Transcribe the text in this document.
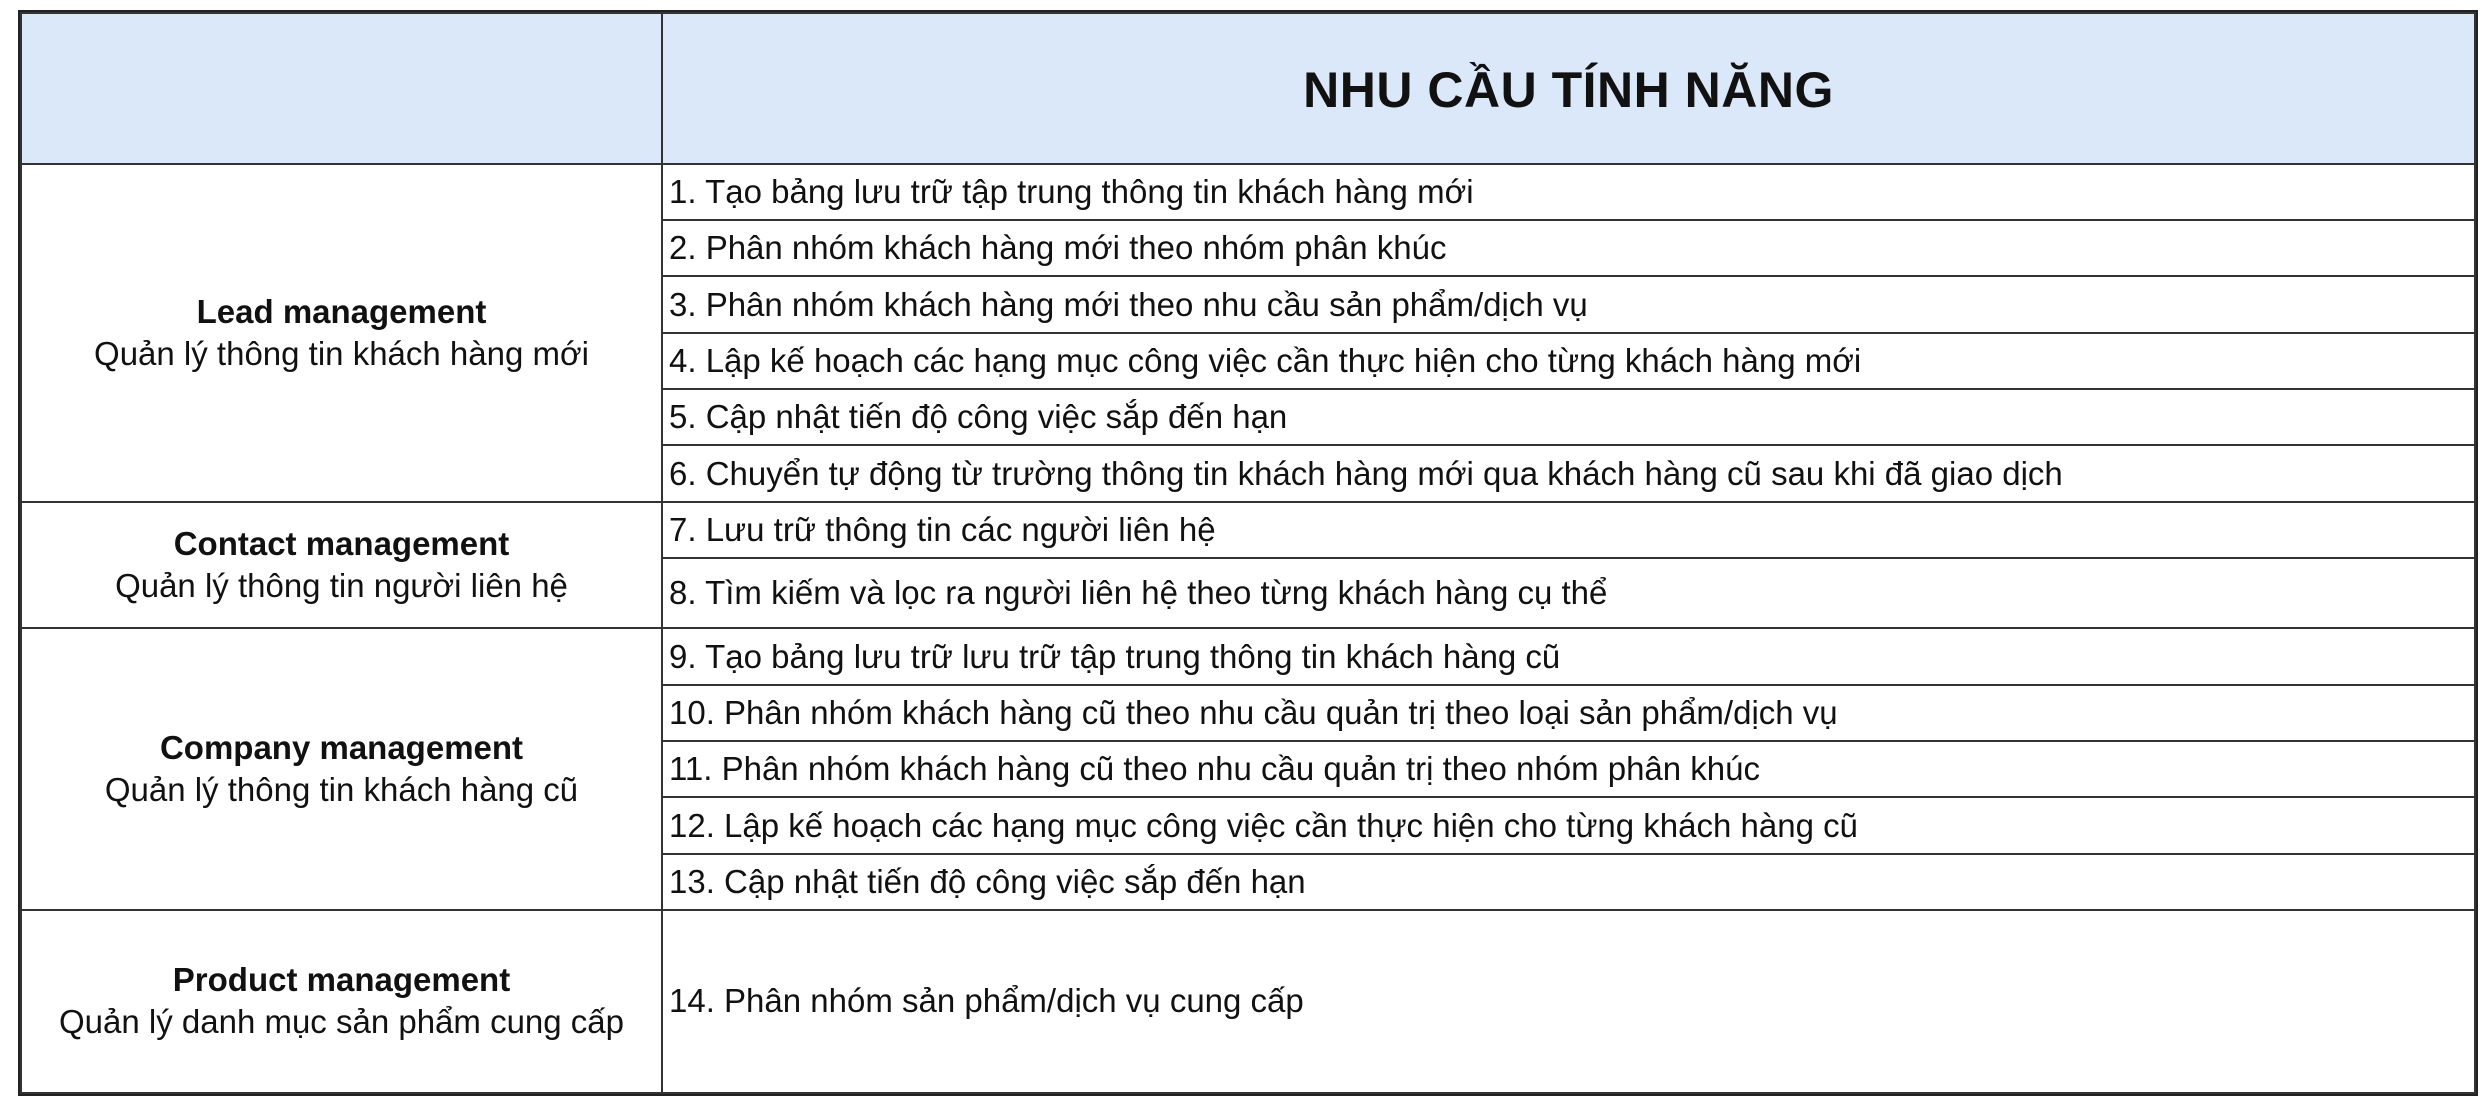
	NHU CẦU TÍNH NĂNG

Lead management
Quản lý thông tin khách hàng mới	1. Tạo bảng lưu trữ tập trung thông tin khách hàng mới
	2. Phân nhóm khách hàng mới theo nhóm phân khúc
	3. Phân nhóm khách hàng mới theo nhu cầu sản phẩm/dịch vụ
	4. Lập kế hoạch các hạng mục công việc cần thực hiện cho từng khách hàng mới
	5. Cập nhật tiến độ công việc sắp đến hạn
	6. Chuyển tự động từ trường thông tin khách hàng mới qua khách hàng cũ sau khi đã giao dịch

Contact management
Quản lý thông tin người liên hệ	7. Lưu trữ thông tin các người liên hệ
	8. Tìm kiếm và lọc ra người liên hệ theo từng khách hàng cụ thể

Company management
Quản lý thông tin khách hàng cũ	9. Tạo bảng lưu trữ lưu trữ tập trung thông tin khách hàng cũ
	10. Phân nhóm khách hàng cũ theo nhu cầu quản trị theo loại sản phẩm/dịch vụ
	11. Phân nhóm khách hàng cũ theo nhu cầu quản trị theo nhóm phân khúc
	12. Lập kế hoạch các hạng mục công việc cần thực hiện cho từng khách hàng cũ
	13. Cập nhật tiến độ công việc sắp đến hạn

Product management
Quản lý danh mục sản phẩm cung cấp	14. Phân nhóm sản phẩm/dịch vụ cung cấp
